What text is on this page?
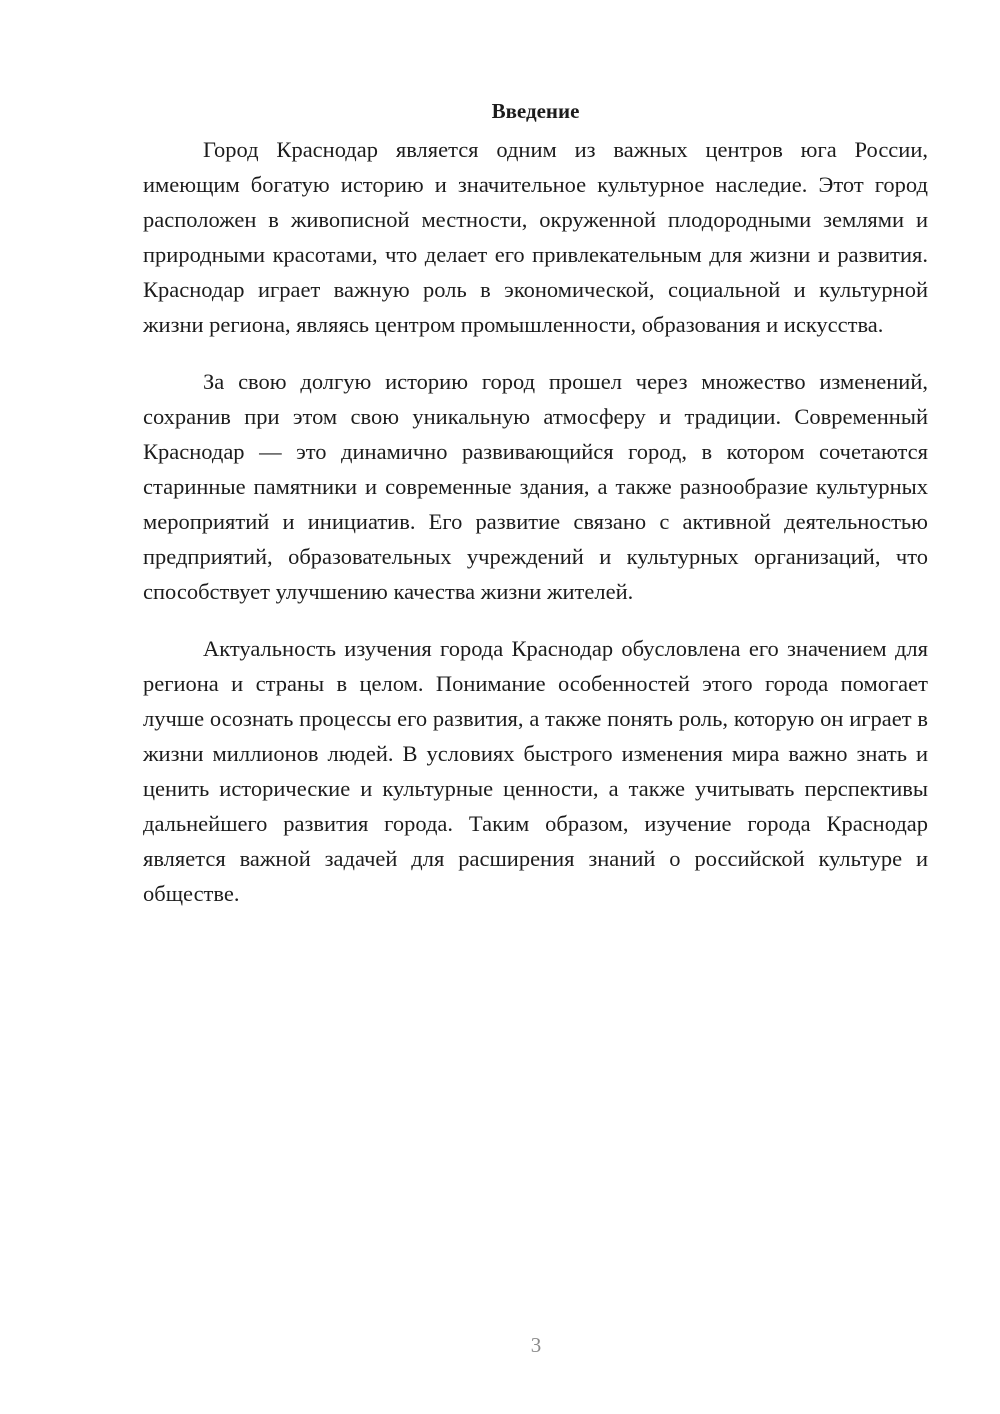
Введение

Город Краснодар является одним из важных центров юга России, имеющим богатую историю и значительное культурное наследие. Этот город расположен в живописной местности, окруженной плодородными землями и природными красотами, что делает его привлекательным для жизни и развития. Краснодар играет важную роль в экономической, социальной и культурной жизни региона, являясь центром промышленности, образования и искусства.

За свою долгую историю город прошел через множество изменений, сохранив при этом свою уникальную атмосферу и традиции. Современный Краснодар — это динамично развивающийся город, в котором сочетаются старинные памятники и современные здания, а также разнообразие культурных мероприятий и инициатив. Его развитие связано с активной деятельностью предприятий, образовательных учреждений и культурных организаций, что способствует улучшению качества жизни жителей.

Актуальность изучения города Краснодар обусловлена его значением для региона и страны в целом. Понимание особенностей этого города помогает лучше осознать процессы его развития, а также понять роль, которую он играет в жизни миллионов людей. В условиях быстрого изменения мира важно знать и ценить исторические и культурные ценности, а также учитывать перспективы дальнейшего развития города. Таким образом, изучение города Краснодар является важной задачей для расширения знаний о российской культуре и обществе.

3
